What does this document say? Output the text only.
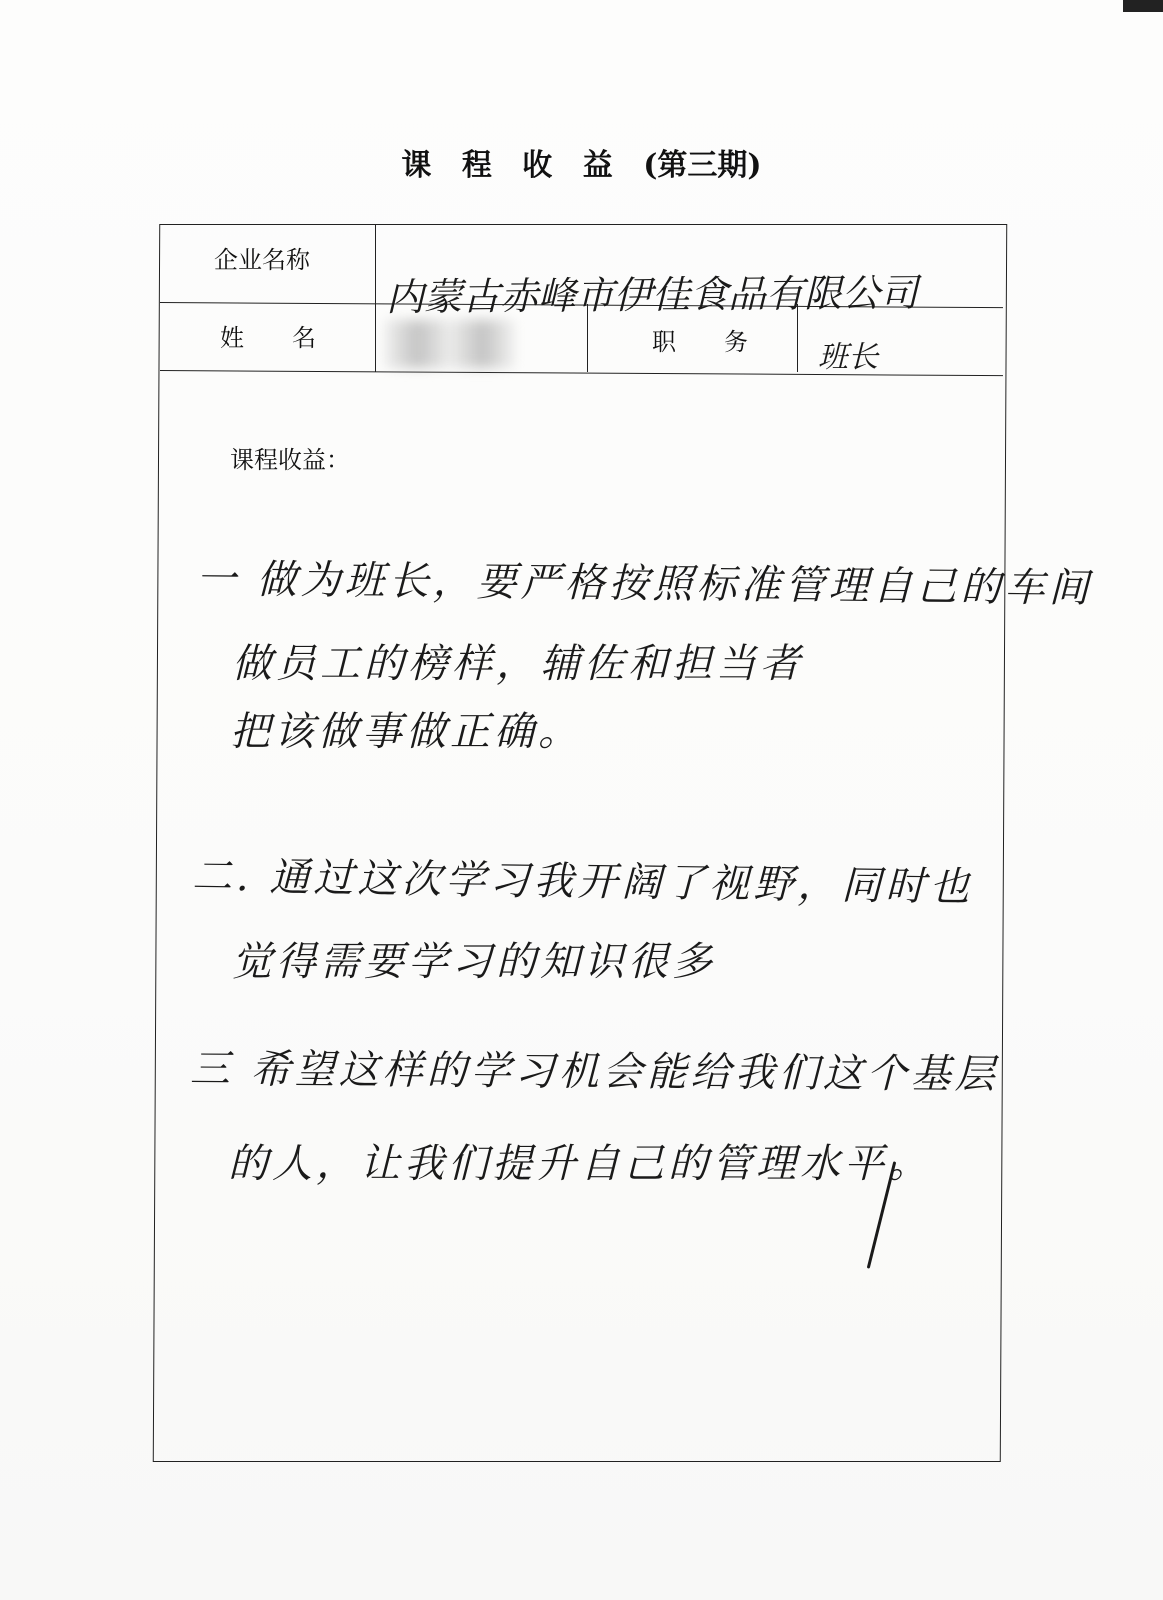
课 程 收 益 (第三期)
企业名称
姓　　名	职　　务
内蒙古赤峰市伊佳食品有限公司
班长
课程收益：
一 做为班长，要严格按照标准管理自己的车间
做员工的榜样，辅佐和担当者
把该做事做正确。
二. 通过这次学习我开阔了视野，同时也
觉得需要学习的知识很多
三 希望这样的学习机会能给我们这个基层
的人，让我们提升自己的管理水平。
